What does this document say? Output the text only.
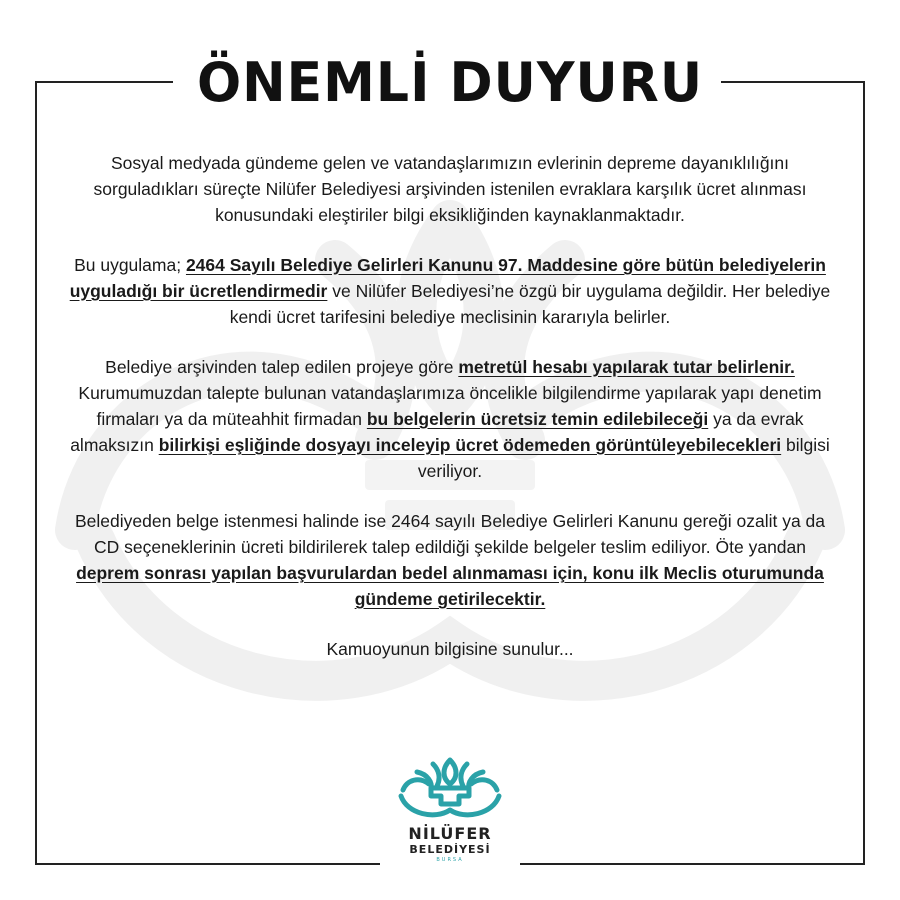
ÖNEMLİ DUYURU

Sosyal medyada gündeme gelen ve vatandaşlarımızın evlerinin depreme dayanıklılığını sorguladıkları süreçte Nilüfer Belediyesi arşivinden istenilen evraklara karşılık ücret alınması konusundaki eleştiriler bilgi eksikliğinden kaynaklanmaktadır.

Bu uygulama; 2464 Sayılı Belediye Gelirleri Kanunu 97. Maddesine göre bütün belediyelerin uyguladığı bir ücretlendirmedir ve Nilüfer Belediyesi’ne özgü bir uygulama değildir. Her belediye kendi ücret tarifesini belediye meclisinin kararıyla belirler.

Belediye arşivinden talep edilen projeye göre metretül hesabı yapılarak tutar belirlenir. Kurumumuzdan talepte bulunan vatandaşlarımıza öncelikle bilgilendirme yapılarak yapı denetim firmaları ya da müteahhit firmadan bu belgelerin ücretsiz temin edilebileceği ya da evrak almaksızın bilirkişi eşliğinde dosyayı inceleyip ücret ödemeden görüntüleyebilecekleri bilgisi veriliyor.

Belediyeden belge istenmesi halinde ise 2464 sayılı Belediye Gelirleri Kanunu gereği ozalit ya da CD seçeneklerinin ücreti bildirilerek talep edildiği şekilde belgeler teslim ediliyor. Öte yandan deprem sonrası yapılan başvurulardan bedel alınmaması için, konu ilk Meclis oturumunda gündeme getirilecektir.

Kamuoyunun bilgisine sunulur...

NİLÜFER
BELEDİYESİ
BURSA
